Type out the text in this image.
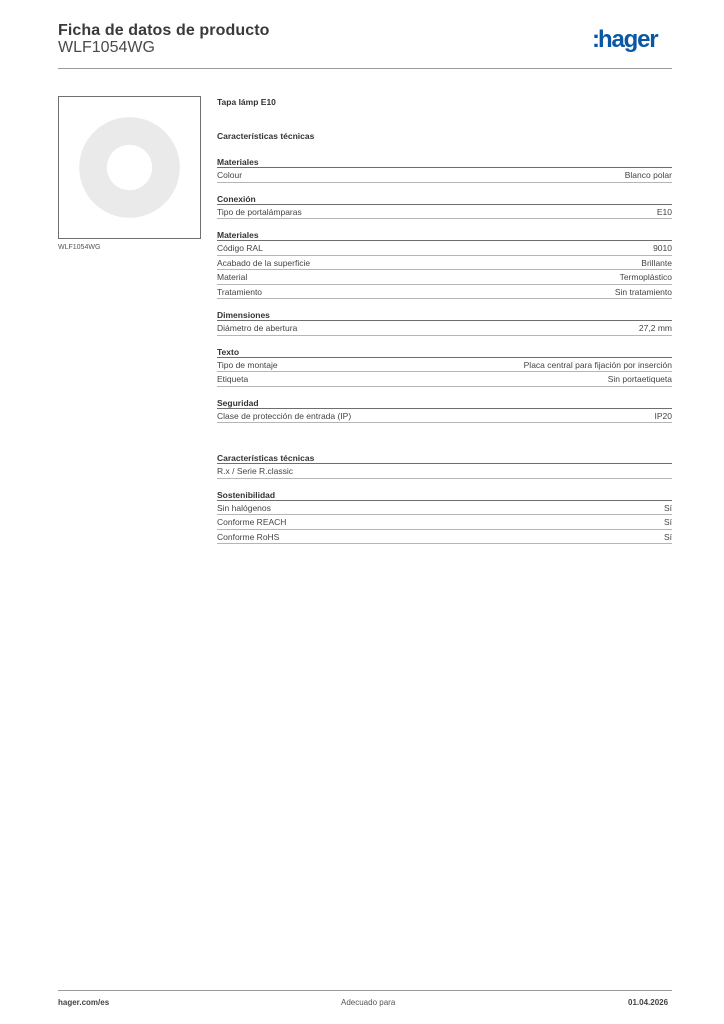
Ficha de datos de producto
WLF1054WG	:hager
WLF1054WG
Tapa lámp E10
Características técnicas
Materiales
Colour	Blanco polar
Conexión
Tipo de portalámparas	E10
Materiales
Código RAL	9010
Acabado de la superficie	Brillante
Material	Termoplástico
Tratamiento	Sin tratamiento
Dimensiones
Diámetro de abertura	27,2 mm
Texto
Tipo de montaje	Placa central para fijación por inserción
Etiqueta	Sin portaetiqueta
Seguridad
Clase de protección de entrada (IP)	IP20
Características técnicas
R.x / Serie R.classic
Sostenibilidad
Sin halógenos	Sí
Conforme REACH	Sí
Conforme RoHS	Sí
hager.com/es	Adecuado para	01.04.2026
